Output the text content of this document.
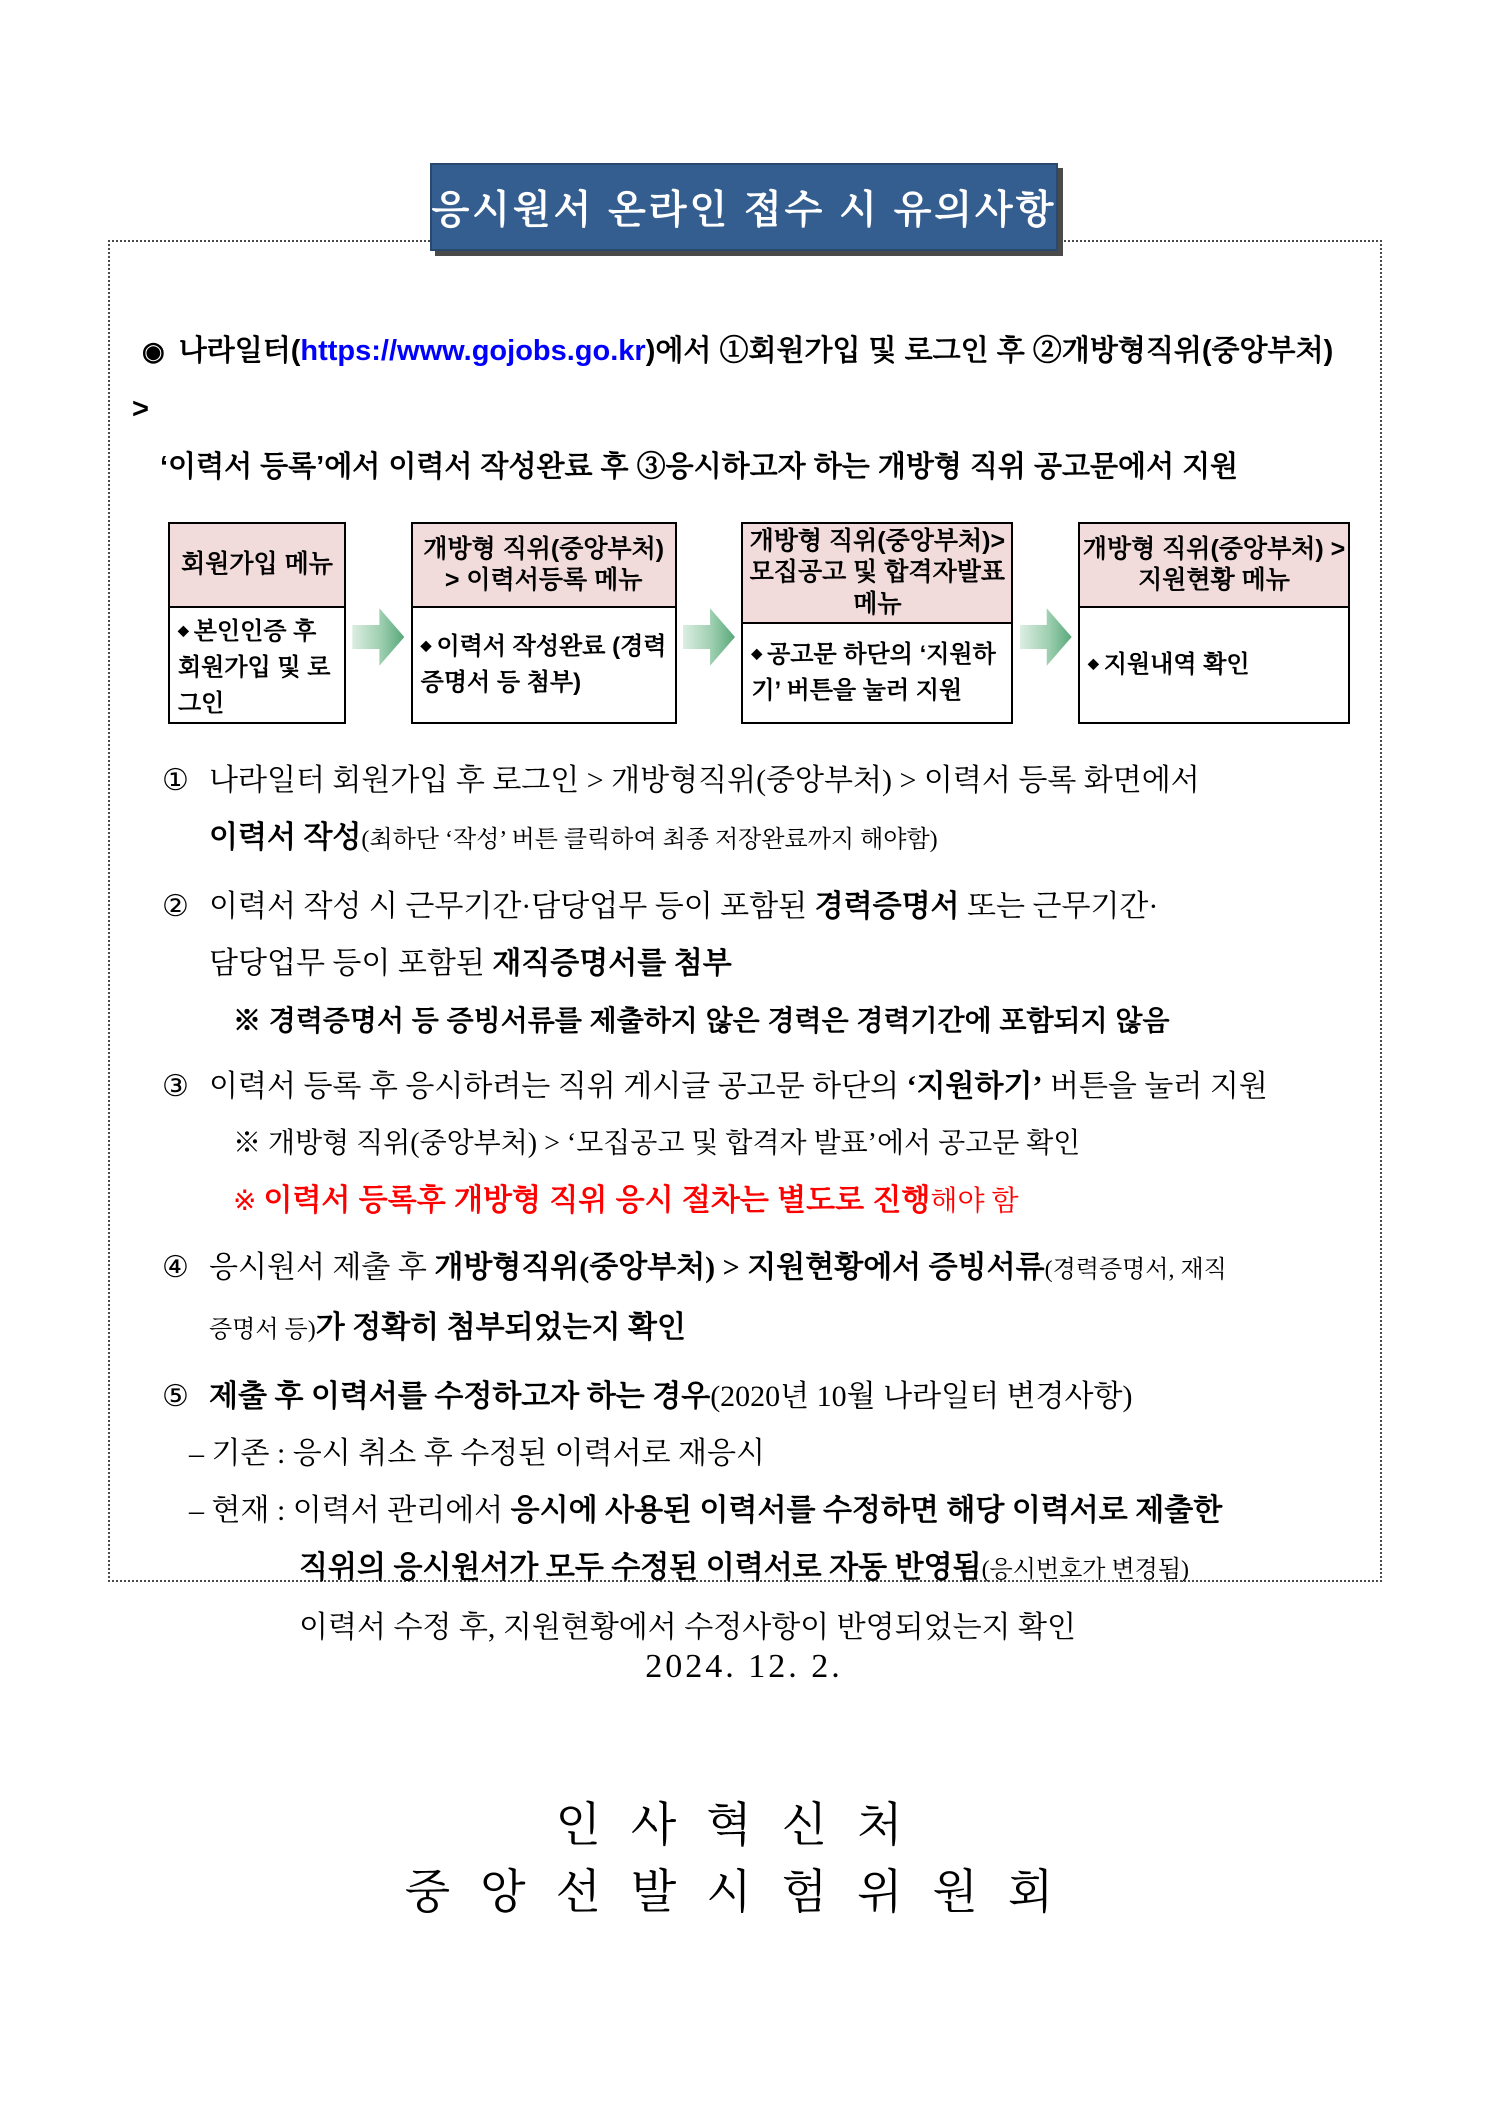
응시원서 온라인 접수 시 유의사항
◉ 나라일터(https://www.gojobs.go.kr)에서 ①회원가입 및 로그인 후 ②개방형직위(중앙부처) >
‘이력서 등록’에서 이력서 작성완료 후 ③응시하고자 하는 개방형 직위 공고문에서 지원
회원가입 메뉴
◆ 본인인증 후 회원가입 및 로그인
개방형 직위(중앙부처) > 이력서등록 메뉴
◆ 이력서 작성완료 (경력증명서 등 첨부)
개방형 직위(중앙부처)> 모집공고 및 합격자발표 메뉴
◆ 공고문 하단의 ‘지원하기’ 버튼을 눌러 지원
개방형 직위(중앙부처) > 지원현황 메뉴
◆ 지원내역 확인
① 나라일터 회원가입 후 로그인 > 개방형직위(중앙부처) > 이력서 등록 화면에서
이력서 작성(최하단 ‘작성’ 버튼 클릭하여 최종 저장완료까지 해야함)
② 이력서 작성 시 근무기간·담당업무 등이 포함된 경력증명서 또는 근무기간·
담당업무 등이 포함된 재직증명서를 첨부
※ 경력증명서 등 증빙서류를 제출하지 않은 경력은 경력기간에 포함되지 않음
③ 이력서 등록 후 응시하려는 직위 게시글 공고문 하단의 ‘지원하기’ 버튼을 눌러 지원
※ 개방형 직위(중앙부처) > ‘모집공고 및 합격자 발표’에서 공고문 확인
※ 이력서 등록후 개방형 직위 응시 절차는 별도로 진행해야 함
④ 응시원서 제출 후 개방형직위(중앙부처) > 지원현황에서 증빙서류(경력증명서, 재직
증명서 등)가 정확히 첨부되었는지 확인
⑤ 제출 후 이력서를 수정하고자 하는 경우(2020년 10월 나라일터 변경사항)
– 기존 : 응시 취소 후 수정된 이력서로 재응시
– 현재 : 이력서 관리에서 응시에 사용된 이력서를 수정하면 해당 이력서로 제출한
직위의 응시원서가 모두 수정된 이력서로 자동 반영됨(응시번호가 변경됨)
이력서 수정 후, 지원현황에서 수정사항이 반영되었는지 확인
2024. 12. 2.
인사혁신처
중앙선발시험위원회
